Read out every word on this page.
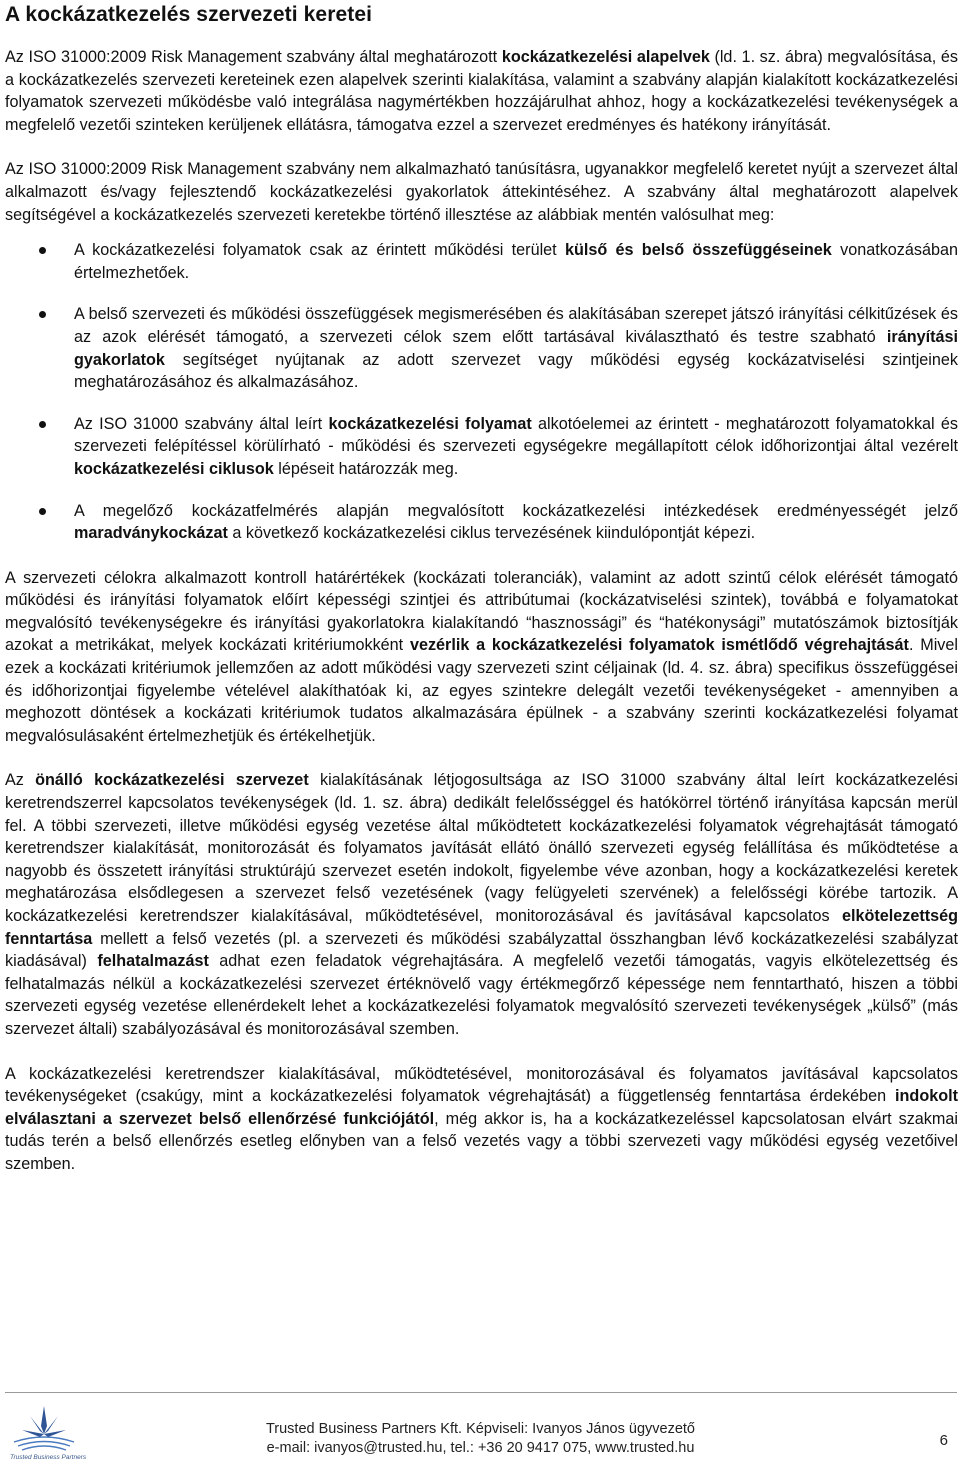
A kockázatkezelés szervezeti keretei

Az ISO 31000:2009 Risk Management szabvány által meghatározott kockázatkezelési alapelvek (ld. 1. sz. ábra) megvalósítása, és a kockázatkezelés szervezeti kereteinek ezen alapelvek szerinti kialakítása, valamint a szabvány alapján kialakított kockázatkezelési folyamatok szervezeti működésbe való integrálása nagymértékben hozzájárulhat ahhoz, hogy a kockázatkezelési tevékenységek a megfelelő vezetői szinteken kerüljenek ellátásra, támogatva ezzel a szervezet eredményes és hatékony irányítását.

Az ISO 31000:2009 Risk Management szabvány nem alkalmazható tanúsításra, ugyanakkor megfelelő keretet nyújt a szervezet által alkalmazott és/vagy fejlesztendő kockázatkezelési gyakorlatok áttekintéséhez. A szabvány által meghatározott alapelvek segítségével a kockázatkezelés szervezeti keretekbe történő illesztése az alábbiak mentén valósulhat meg:

A kockázatkezelési folyamatok csak az érintett működési terület külső és belső összefüggéseinek vonatkozásában értelmezhetőek.
A belső szervezeti és működési összefüggések megismerésében és alakításában szerepet játszó irányítási célkitűzések és az azok elérését támogató, a szervezeti célok szem előtt tartásával kiválasztható és testre szabható irányítási gyakorlatok segítséget nyújtanak az adott szervezet vagy működési egység kockázatviselési szintjeinek meghatározásához és alkalmazásához.
Az ISO 31000 szabvány által leírt kockázatkezelési folyamat alkotóelemei az érintett - meghatározott folyamatokkal és szervezeti felépítéssel körülírható - működési és szervezeti egységekre megállapított célok időhorizontjai által vezérelt kockázatkezelési ciklusok lépéseit határozzák meg.
A megelőző kockázatfelmérés alapján megvalósított kockázatkezelési intézkedések eredményességét jelző maradványkockázat a következő kockázatkezelési ciklus tervezésének kiindulópontját képezi.

A szervezeti célokra alkalmazott kontroll határértékek (kockázati toleranciák), valamint az adott szintű célok elérését támogató működési és irányítási folyamatok előírt képességi szintjei és attribútumai (kockázatviselési szintek), továbbá e folyamatokat megvalósító tevékenységekre és irányítási gyakorlatokra kialakítandó “hasznossági” és “hatékonysági” mutatószámok biztosítják azokat a metrikákat, melyek kockázati kritériumokként vezérlik a kockázatkezelési folyamatok ismétlődő végrehajtását. Mivel ezek a kockázati kritériumok jellemzően az adott működési vagy szervezeti szint céljainak (ld. 4. sz. ábra) specifikus összefüggései és időhorizontjai figyelembe vételével alakíthatóak ki, az egyes szintekre delegált vezetői tevékenységeket - amennyiben a meghozott döntések a kockázati kritériumok tudatos alkalmazására épülnek - a szabvány szerinti kockázatkezelési folyamat megvalósulásaként értelmezhetjük és értékelhetjük.

Az önálló kockázatkezelési szervezet kialakításának létjogosultsága az ISO 31000 szabvány által leírt kockázatkezelési keretrendszerrel kapcsolatos tevékenységek (ld. 1. sz. ábra) dedikált felelősséggel és hatókörrel történő irányítása kapcsán merül fel. A többi szervezeti, illetve működési egység vezetése által működtetett kockázatkezelési folyamatok végrehajtását támogató keretrendszer kialakítását, monitorozását és folyamatos javítását ellátó önálló szervezeti egység felállítása és működtetése a nagyobb és összetett irányítási struktúrájú szervezet esetén indokolt, figyelembe véve azonban, hogy a kockázatkezelési keretek meghatározása elsődlegesen a szervezet felső vezetésének (vagy felügyeleti szervének) a felelősségi körébe tartozik. A kockázatkezelési keretrendszer kialakításával, működtetésével, monitorozásával és javításával kapcsolatos elkötelezettség fenntartása mellett a felső vezetés (pl. a szervezeti és működési szabályzattal összhangban lévő kockázatkezelési szabályzat kiadásával) felhatalmazást adhat ezen feladatok végrehajtására. A megfelelő vezetői támogatás, vagyis elkötelezettség és felhatalmazás nélkül a kockázatkezelési szervezet értéknövelő vagy értékmegőrző képessége nem fenntartható, hiszen a többi szervezeti egység vezetése ellenérdekelt lehet a kockázatkezelési folyamatok megvalósító szervezeti tevékenységek „külső” (más szervezet általi) szabályozásával és monitorozásával szemben.

A kockázatkezelési keretrendszer kialakításával, működtetésével, monitorozásával és folyamatos javításával kapcsolatos tevékenységeket (csakúgy, mint a kockázatkezelési folyamatok végrehajtását) a függetlenség fenntartása érdekében indokolt elválasztani a szervezet belső ellenőrzésé funkciójától, még akkor is, ha a kockázatkezeléssel kapcsolatosan elvárt szakmai tudás terén a belső ellenőrzés esetleg előnyben van a felső vezetés vagy a többi szervezeti vagy működési egység vezetőivel szemben.

Trusted Business Partners
Trusted Business Partners Kft. Képviseli: Ivanyos János ügyvezető
e-mail: ivanyos@trusted.hu, tel.: +36 20 9417 075, www.trusted.hu	6
